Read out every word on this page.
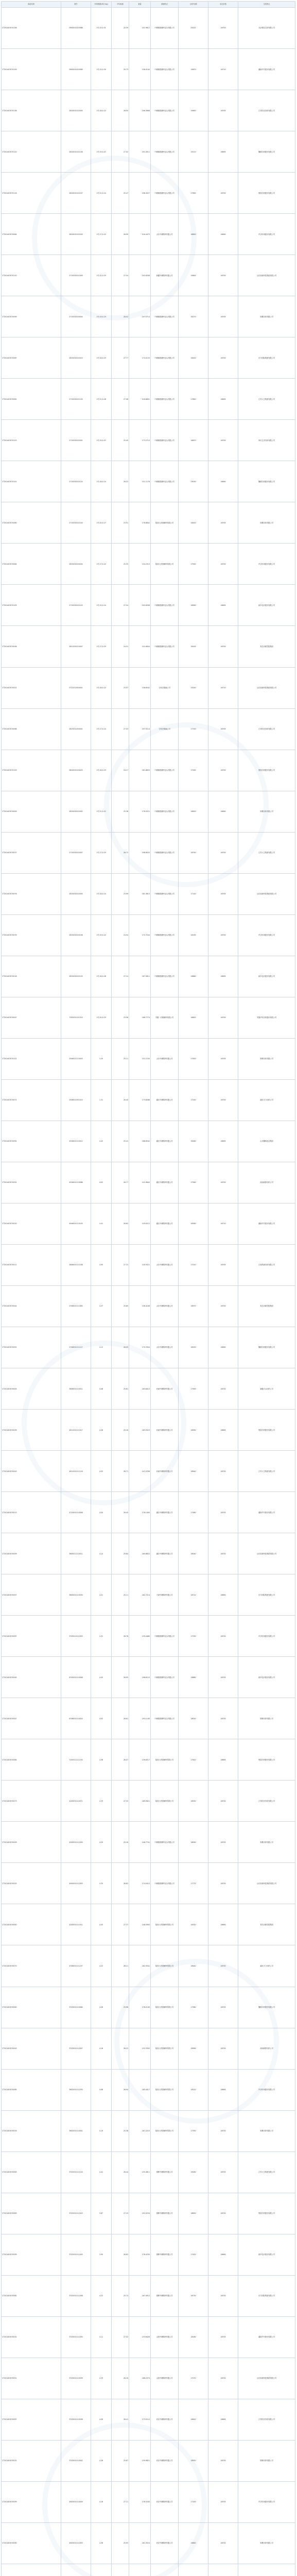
商品代码	数号	手码数据(单位:kg)	平均检重	重量	承储库点	合同号/期	成交价格	交易库点
CT201403070158	0900001020588	1号;15;0.31	20.59	151.9612	中储棉国储库包头有限公司	20022	16700	北京棉花交易有限公司
CT201403070159	0900001020589	1号;15;0.30	20.73	156.0140	中储棉国储库包头有限公司	19870	16710	湖南华升股份有限公司
CT201403070138	2810002102005	1号;18;0.22	26.50	206.3698	中储棉国储库包头有限公司	19650	16705	江苏阳光纺织有限公司
CT201403070120	2810002102106	1号;19;0.21	27.02	191.0011	中储棉国储库包头有限公司	19110	16695	魏桥纺织股份有限公司
CT201403070116	2810002102107	1号;21;0.24	25.47	198.4527	中储棉国储库包头有限公司	17690	16700	鲁泰纺织股份有限公司
CT201403070084	2810002102200	1号;17;0.22	26.90	216.4473	山东中储棉库有限公司	18850	16690	华孚时尚股份有限公司
CT201403070110	2715000101049	1号;12;0.25	27.54	202.6208	新疆中储棉库有限公司	19800	16700	山东如意科技集团有限公司
CT201403070099	2715000100004	1号;19;0.23	28.02	207.5714	中储棉国储库包头有限公司	16270	16705	即墨纺织有限公司
CT201403070087	2815000102010	1号;16;0.25	27.77	174.0133	中储棉国储库包头有限公司	16450	16700	东方国际集团有限公司
CT201403070081	2715000101105	1号;21;0.26	27.96	218.8891	中储棉国储库包头有限公司	17850	16695	江苏大生集团有限公司
CT201403070123	2715000102001	1号;19;0.21	25.45	173.2713	中储棉国储库包头有限公司	18670	16700	四川五洋纺织有限公司
CT201403070101	2715000102124	1号;18;0.24	26.22	151.1178	中储棉国储库包头有限公司	19030	16690	魏桥纺织股份有限公司
CT201403070080	2715000102100	1号;20;0.27	23.51	178.6842	陕西大美国储库有限公司	18450	16705	即墨纺织有限公司
CT201403070084	2815000100204	1号;17;0.22	25.35	154.2313	陕西大美国储库有限公司	17920	16700	华孚时尚股份有限公司
CT201403070105	2715000102103	1号;15;0.24	27.54	202.6208	中储棉国储库包头有限公司	18560	16695	新乡化纤股份有限公司
CT201403070056	2811000110007	1号;17;0.25	24.51	141.6004	中储棉国储库包头有限公司	16100	16700	青岛纺联控股集团
CT201403070022	0722012000001	1号;18;0.22	23.07	158.8542	石家庄棉麻公司	19240	16710	山东如意科技集团有限公司
CT201403070066	2813001050001	1号;17;0.24	27.03	197.5114	石家庄棉麻公司	17330	16705	江苏阳光纺织有限公司
CT201403070129	0810002100403	1号;18;0.23	24.17	181.8833	中储棉国储库包头有限公司	17490	16700	鲁泰纺织股份有限公司
CT201403070009	2815000102002	1号;21;0.21	25.38	176.5221	中储棉国储库包头有限公司	16630	16690	即墨纺织有限公司
CT201403070037	2715000102007	1号;17;0.25	28.72	198.8020	中储棉国储库包头有限公司	18790	16700	江苏大生集团有限公司
CT201403070076	2815000102005	1号;16;0.24	23.99	181.3613	中储棉国储库包头有限公司	17140	16705	山东如意科技集团有限公司
CT201403070039	2815000100106	1号;19;0.22	24.94	172.7244	中储棉国储库包头有限公司	18190	16700	华孚时尚股份有限公司
CT201403070018	2815000102125	1号;18;0.26	27.14	167.5811	中储棉国储库包头有限公司	16880	16695	新乡化纤股份有限公司
CT201403070047	7305051101310	1号;20;0.23	23.56	166.7774	安徽一纺棉储库有限公司	18620	16700	安徽华茂纺织股份有限公司
CT201403070122	2506021110003	1.25	25.11	151.1150	山东中储棉库有限公司	17630	16705	邯郸纺织有限公司
CT201403070072	2508022051010	1.31	26.40	173.8288	湖北中储棉库有限公司	17240	16700	湖北天门纺织公司
CT201403070092	4516001110012	4.42	25.41	188.6542	湖北中储棉库有限公司	16280	16695	山东魏桥创业集团
CT201403070052	4516001110088	4.02	26.77	141.9840	湖北中储棉库有限公司	17580	16700	河南新野纺织公司
CT201403070020	4506001110105	4.41	26.62	145.0212	湖北中储棉库有限公司	18360	16710	湖南华升股份有限公司
CT201403070011	2806001111108	4.95	27.31	140.5521	山东中储棉库有限公司	17010	16705	江西昌硕纺织有限公司
CT201403070044	2706001111063	4.37	25.85	156.4108	山东中储棉库有限公司	16970	16700	青岛纺联控股集团
CT201403070091	2706001111117	4.12	26.05	170.3304	山东中储棉库有限公司	18250	16690	魏桥纺织股份有限公司
CT201403070005	3606001110011	4.48	25.61	163.8413	河南中储棉库有限公司	17900	16700	新疆天山纺织公司
CT201403070039	4611001111017	4.28	25.16	183.5523	河南中储棉库有限公司	16590	16695	鲁泰纺织股份有限公司
CT201403070043	4611001111116	4.03	28.71	147.2256	河南中储棉库有限公司	18940	16700	江苏大生集团有限公司
CT201403070013	4710001110006	4.04	26.45	178.1400	湖北中储棉库有限公司	17480	16705	湖南华升股份有限公司
CT201403070009	3605011110011	4.14	25.84	160.8822	湖北中储棉库有限公司	16040	16700	山东如意科技集团有限公司
CT201403070007	3605001110030	4.21	25.11	162.7214	天津中储棉库有限公司	18710	16690	东方国际集团有限公司
CT201403070097	3705010111003	4.31	26.78	159.4480	中储棉国储库包头有限公司	17330	16700	华孚时尚股份有限公司
CT201403070045	6705001110008	4.05	26.95	198.6110	中储棉国储库包头有限公司	16880	16705	新乡化纤股份有限公司
CT201403070047	6708001110024	4.02	26.61	193.1140	中储棉国储库包头有限公司	18020	16700	邯郸纺织有限公司
CT201403070064	7100311111234	4.36	26.07	139.8317	陕西大美国储库有限公司	17610	16695	鲁泰纺织股份有限公司
CT201403070073	4100031110071	4.33	27.32	189.5621	陕西大美国储库有限公司	16530	16700	江苏阳光纺织有限公司
CT201403070009	4200001111000	4.29	25.16	146.7741	中储棉国储库包头有限公司	18090	16705	即墨纺织有限公司
CT201403070025	4000001111003	4.35	26.82	174.0412	中储棉国储库包头有限公司	17770	16700	山东如意科技集团有限公司
CT201403070040	4200001111011	4.05	27.37	148.5563	陕西大美国储库有限公司	16320	16690	青岛纺联控股集团
CT201403070070	4706001111237	4.22	26.11	162.5541	陕西大美国储库有限公司	18440	16700	湖北天门纺织公司
CT201403070040	3703001110084	4.26	25.96	178.2145	陕西大美国储库有限公司	17580	16705	魏桥纺织股份有限公司
CT201403070043	3703001112007	4.16	28.22	152.3302	陕西大美国储库有限公司	16990	16700	河南新野纺织公司
CT201403070065	3602001111030	4.08	26.94	185.4417	陕西大美国储库有限公司	18210	16695	华孚时尚股份有限公司
CT201403070016	3602001110001	4.19	25.38	167.2210	陕西大美国储库有限公司	17350	16700	即墨纺织有限公司
CT201403070063	3702001111124	4.41	26.44	155.4811	邯郸中储棉库有限公司	16160	16705	江苏大生集团有限公司
CT201403070083	3702001111043	3.87	27.19	191.0234	邯郸中储棉库有限公司	18830	16700	鲁泰纺织股份有限公司
CT201403070059	3702001111045	3.95	26.62	176.4230	邯郸中储棉库有限公司	17420	16690	新乡化纤股份有限公司
CT201403070082	3702001111058	4.22	25.74	167.4912	邯郸中储棉库有限公司	16730	16700	东方国际集团有限公司
CT201403070032	3703001111050	4.11	27.02	153.6428	山西中储棉库有限公司	18160	16705	湖南华升股份有限公司
CT201403070051	3703001110039	4.33	26.18	186.2374	山西中储棉库有限公司	17070	16700	山东如意科技集团有限公司
CT201403070097	3703001110036	4.09	26.41	173.5112	河北中储棉库有限公司	16610	16695	江苏阳光纺织有限公司
CT201403070032	3703001110042	4.28	25.87	159.9821	河北中储棉库有限公司	18550	16700	邯郸纺织有限公司
CT201403070059	4903001110049	4.16	27.11	178.3245	河北中储棉库有限公司	17200	16705	华孚时尚股份有限公司
CT201403070090	4903001111003	4.36	25.93	161.0524	河北中储棉库有限公司	16840	16700	即墨纺织有限公司
